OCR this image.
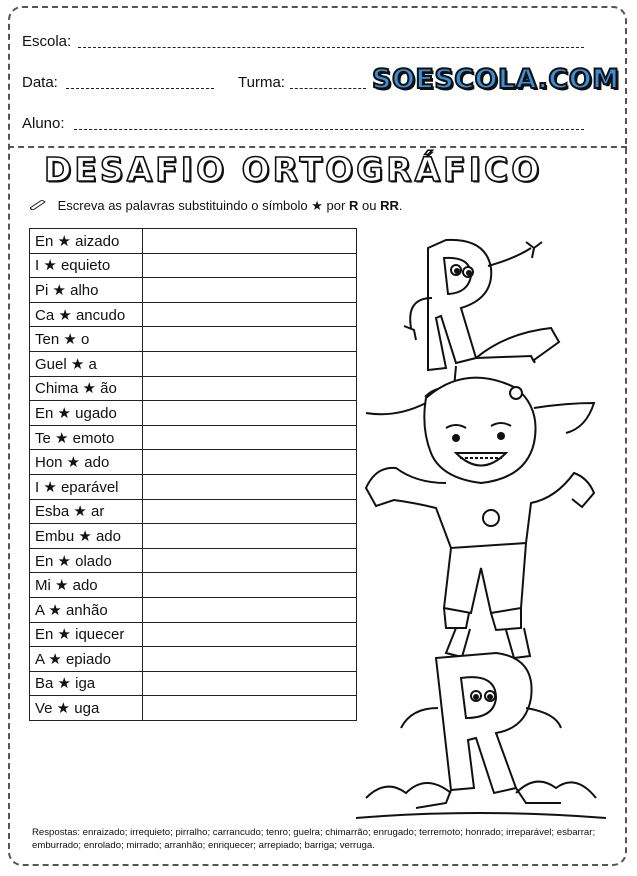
Escola:
Data:	Turma:	SOESCOLA.COM
Aluno:
DESAFIO ORTOGRÁFICO
Escreva as palavras substituindo o símbolo ★ por R ou RR.
En ★ aizado	
I ★ equieto	
Pi ★ alho	
Ca ★ ancudo	
Ten ★ o	
Guel ★ a	
Chima ★ ão	
En ★ ugado	
Te ★ emoto	
Hon ★ ado	
I ★ eparável	
Esba ★ ar	
Embu ★ ado	
En ★ olado	
Mi ★ ado	
A ★ anhão	
En ★ iquecer	
A ★ epiado	
Ba ★ iga	
Ve ★ uga	
Respostas: enraizado; irrequieto; pirralho; carrancudo; tenro; guelra; chimarrão; enrugado; terremoto; honrado; irreparável; esbarrar; emburrado; enrolado; mirrado; arranhão; enriquecer; arrepiado; barriga; verruga.
